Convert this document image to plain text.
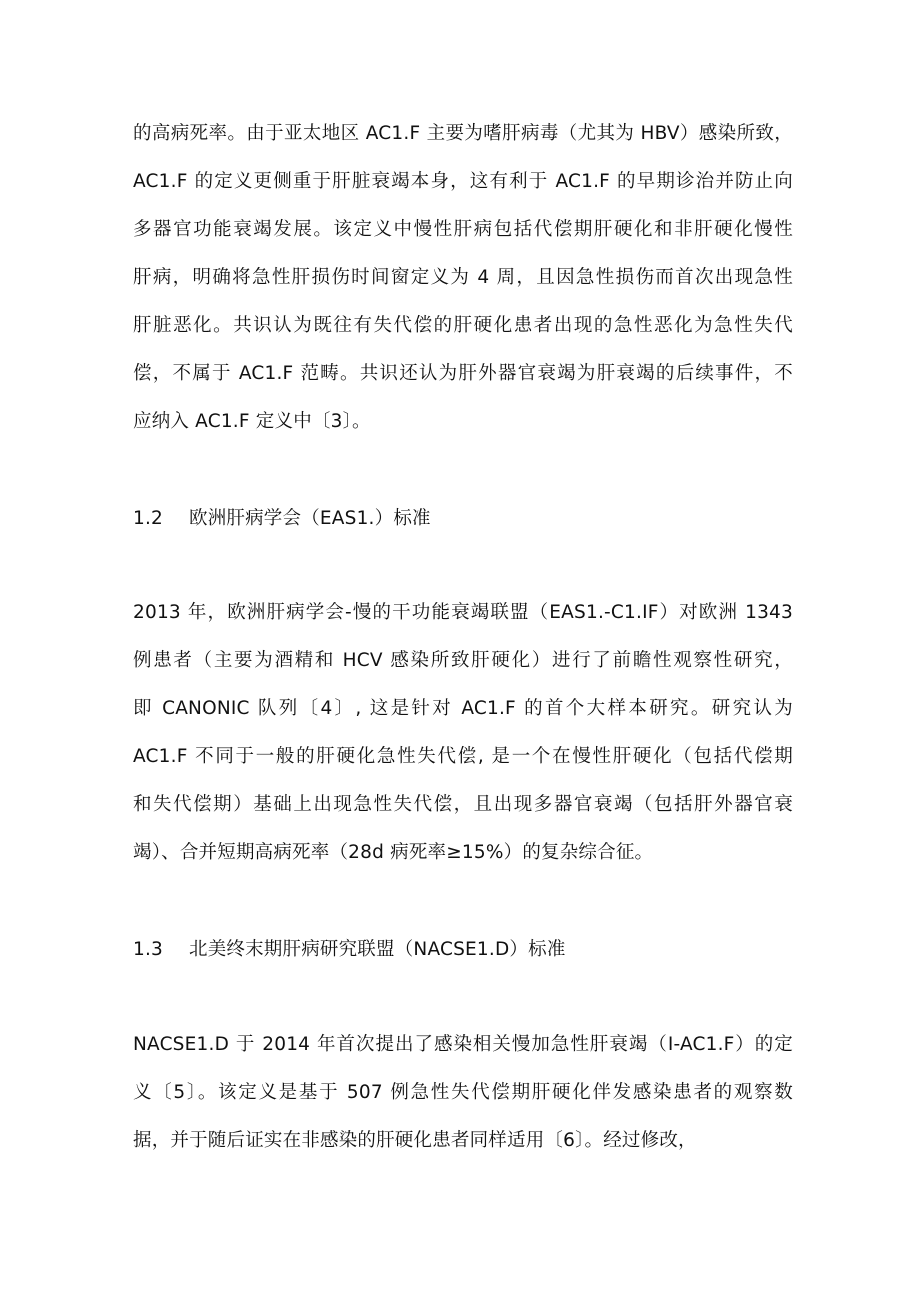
的高病死率。由于亚太地区 AC1.F 主要为嗜肝病毒（尤其为 HBV）感染所致，
AC1.F 的定义更侧重于肝脏衰竭本身，这有利于 AC1.F 的早期诊治并防止向
多器官功能衰竭发展。该定义中慢性肝病包括代偿期肝硬化和非肝硬化慢性
肝病，明确将急性肝损伤时间窗定义为 4 周，且因急性损伤而首次出现急性
肝脏恶化。共识认为既往有失代偿的肝硬化患者出现的急性恶化为急性失代
偿，不属于 AC1.F 范畴。共识还认为肝外器官衰竭为肝衰竭的后续事件，不
应纳入 AC1.F 定义中〔3〕。
1.2 欧洲肝病学会（EAS1.）标准
2013 年，欧洲肝病学会-慢的干功能衰竭联盟（EAS1.-C1.IF）对欧洲 1343
例患者（主要为酒精和 HCV 感染所致肝硬化）进行了前瞻性观察性研究，
即 CANONIC 队列〔4〕, 这是针对 AC1.F 的首个大样本研究。研究认为
AC1.F 不同于一般的肝硬化急性失代偿, 是一个在慢性肝硬化（包括代偿期
和失代偿期）基础上出现急性失代偿，且出现多器官衰竭（包括肝外器官衰
竭）、合并短期高病死率（28d 病死率≥15%）的复杂综合征。
1.3 北美终末期肝病研究联盟（NACSE1.D）标准
NACSE1.D 于 2014 年首次提出了感染相关慢加急性肝衰竭（I-AC1.F）的定
义〔5〕。该定义是基于 507 例急性失代偿期肝硬化伴发感染患者的观察数
据，并于随后证实在非感染的肝硬化患者同样适用〔6〕。经过修改，
